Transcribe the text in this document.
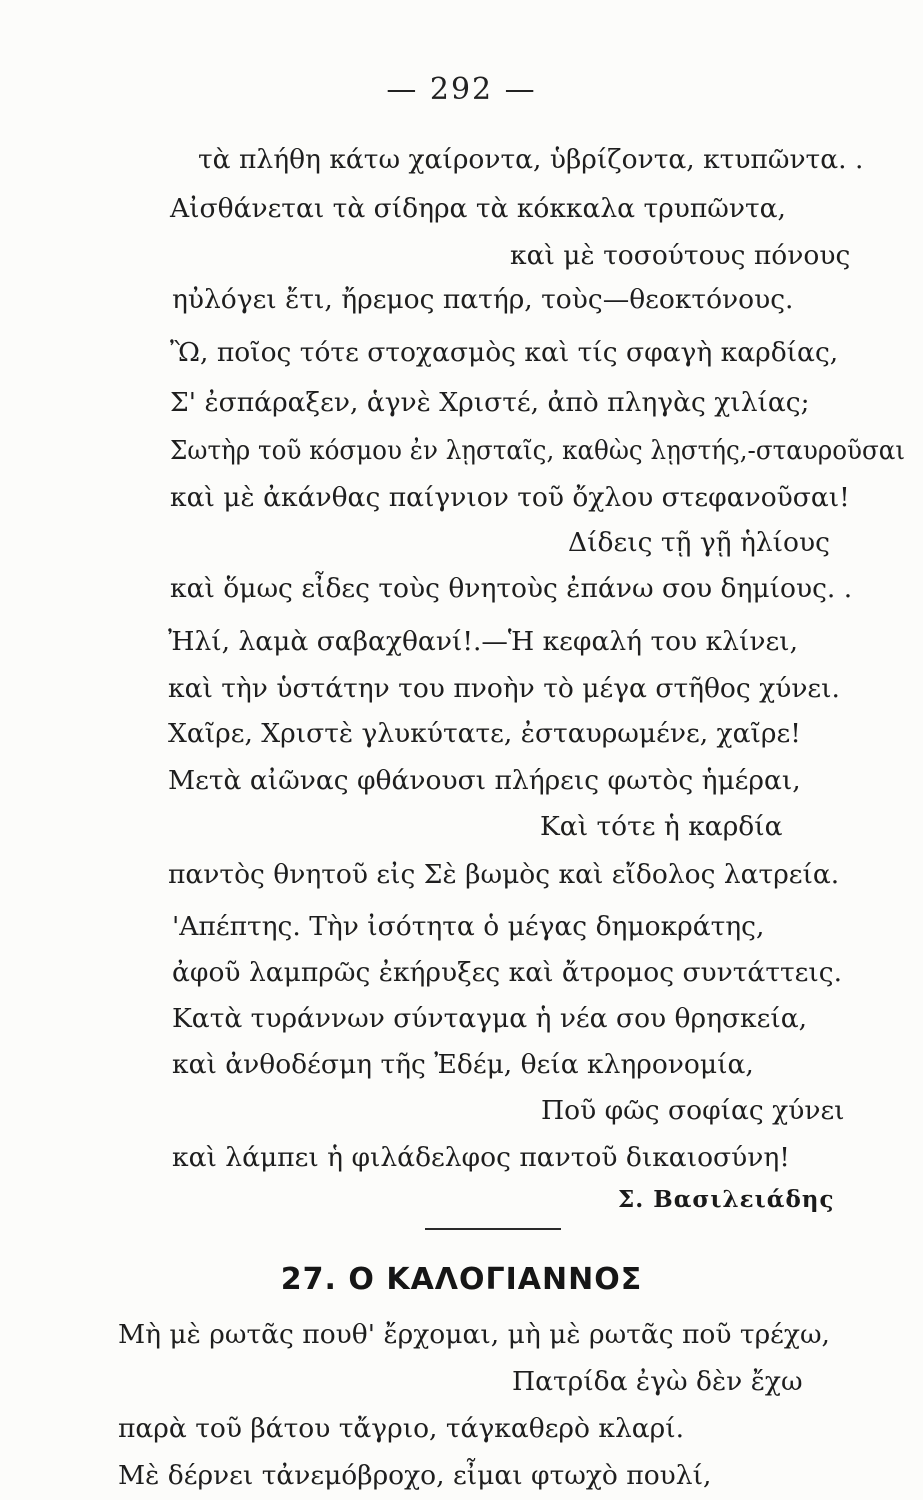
— 292 —
τὰ πλήθη κάτω χαίροντα, ὑβρίζοντα, κτυπῶντα. .
Αἰσθάνεται τὰ σίδηρα τὰ κόκκαλα τρυπῶντα,
καὶ μὲ τοσούτους πόνους
ηὐλόγει ἔτι, ἤρεμος πατήρ, τοὺς—θεοκτόνους.
Ὢ, ποῖος τότε στοχασμὸς καὶ τίς σφαγὴ καρδίας,
Σ' ἐσπάραξεν, ἁγνὲ Χριστέ, ἀπὸ πληγὰς χιλίας;
Σωτὴρ τοῦ κόσμου ἐν λῃσταῖς, καθὼς λῃστής,-σταυροῦσαι
καὶ μὲ ἀκάνθας παίγνιον τοῦ ὄχλου στεφανοῦσαι!
Δίδεις τῇ γῇ ἡλίους
καὶ ὅμως εἶδες τοὺς θνητοὺς ἐπάνω σου δημίους. .
Ἠλί, λαμὰ σαβαχθανί!.—Ἡ κεφαλή του κλίνει,
καὶ τὴν ὑστάτην του πνοὴν τὸ μέγα στῆθος χύνει.
Χαῖρε, Χριστὲ γλυκύτατε, ἐσταυρωμένε, χαῖρε!
Μετὰ αἰῶνας φθάνουσι πλήρεις φωτὸς ἡμέραι,
Καὶ τότε ἡ καρδία
παντὸς θνητοῦ εἰς Σὲ βωμὸς καὶ εἴδολος λατρεία.
'Απέπτης. Τὴν ἰσότητα ὁ μέγας δημοκράτης,
ἀφοῦ λαμπρῶς ἐκήρυξες καὶ ἄτρομος συντάττεις.
Κατὰ τυράννων σύνταγμα ἡ νέα σου θρησκεία,
καὶ ἀνθοδέσμη τῆς Ἐδέμ, θεία κληρονομία,
Ποῦ φῶς σοφίας χύνει
καὶ λάμπει ἡ φιλάδελφος παντοῦ δικαιοσύνη!
Σ. Βασιλειάδης
27. Ο ΚΑΛΟΓΙΑΝΝΟΣ
Μὴ μὲ ρωτᾶς πουθ' ἔρχομαι, μὴ μὲ ρωτᾶς ποῦ τρέχω,
Πατρίδα ἐγὼ δὲν ἔχω
παρὰ τοῦ βάτου τἄγριο, τάγκαθερὸ κλαρί.
Μὲ δέρνει τἀνεμόβροχο, εἶμαι φτωχὸ πουλί,
